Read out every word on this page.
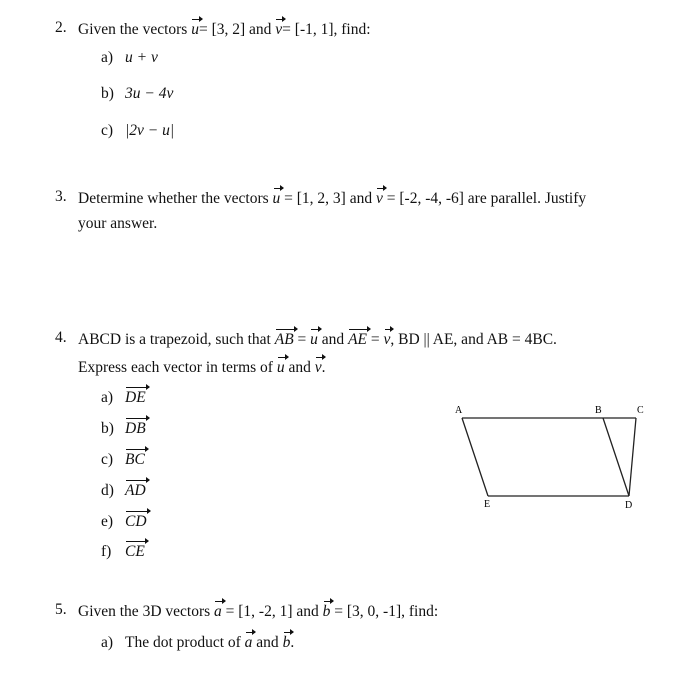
2. Given the vectors u= [3, 2] and v= [-1, 1], find:
a) u + v
b) 3u − 4v
c) |2v − u|
3. Determine whether the vectors u = [1, 2, 3] and v = [-2, -4, -6] are parallel. Justify
your answer.
4. ABCD is a trapezoid, such that AB = u and AE = v, BD || AE, and AB = 4BC.
Express each vector in terms of u and v.
a) DE
b) DB
c) BC
d) AD
e) CD
f) CE
A	B	C
D
E
5. Given the 3D vectors a = [1, -2, 1] and b = [3, 0, -1], find:
a) The dot product of a and b.
